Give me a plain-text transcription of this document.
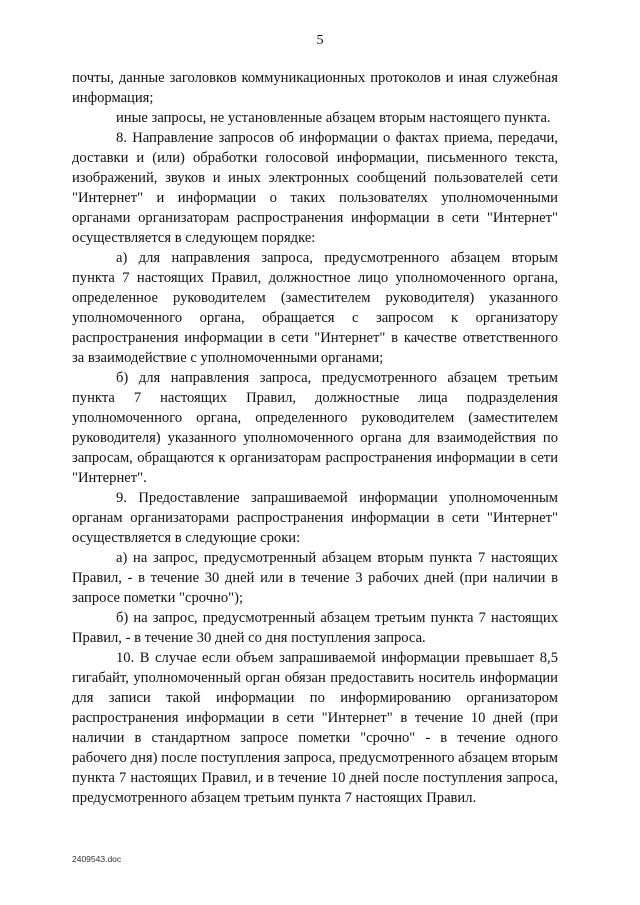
5

почты, данные заголовков коммуникационных протоколов и иная служебная информация;

иные запросы, не установленные абзацем вторым настоящего пункта.

8. Направление запросов об информации о фактах приема, передачи, доставки и (или) обработки голосовой информации, письменного текста, изображений, звуков и иных электронных сообщений пользователей сети "Интернет" и информации о таких пользователях уполномоченными органами организаторам распространения информации в сети "Интернет" осуществляется в следующем порядке:

а) для направления запроса, предусмотренного абзацем вторым пункта 7 настоящих Правил, должностное лицо уполномоченного органа, определенное руководителем (заместителем руководителя) указанного уполномоченного органа, обращается с запросом к организатору распространения информации в сети "Интернет" в качестве ответственного за взаимодействие с уполномоченными органами;

б) для направления запроса, предусмотренного абзацем третьим пункта 7 настоящих Правил, должностные лица подразделения уполномоченного органа, определенного руководителем (заместителем руководителя) указанного уполномоченного органа для взаимодействия по запросам, обращаются к организаторам распространения информации в сети "Интернет".

9. Предоставление запрашиваемой информации уполномоченным органам организаторами распространения информации в сети "Интернет" осуществляется в следующие сроки:

а) на запрос, предусмотренный абзацем вторым пункта 7 настоящих Правил, - в течение 30 дней или в течение 3 рабочих дней (при наличии в запросе пометки "срочно");

б) на запрос, предусмотренный абзацем третьим пункта 7 настоящих Правил, - в течение 30 дней со дня поступления запроса.

10. В случае если объем запрашиваемой информации превышает 8,5 гигабайт, уполномоченный орган обязан предоставить носитель информации для записи такой информации по информированию организатором распространения информации в сети "Интернет" в течение 10 дней (при наличии в стандартном запросе пометки "срочно" - в течение одного рабочего дня) после поступления запроса, предусмотренного абзацем вторым пункта 7 настоящих Правил, и в течение 10 дней после поступления запроса, предусмотренного абзацем третьим пункта 7 настоящих Правил.

2409543.doc
